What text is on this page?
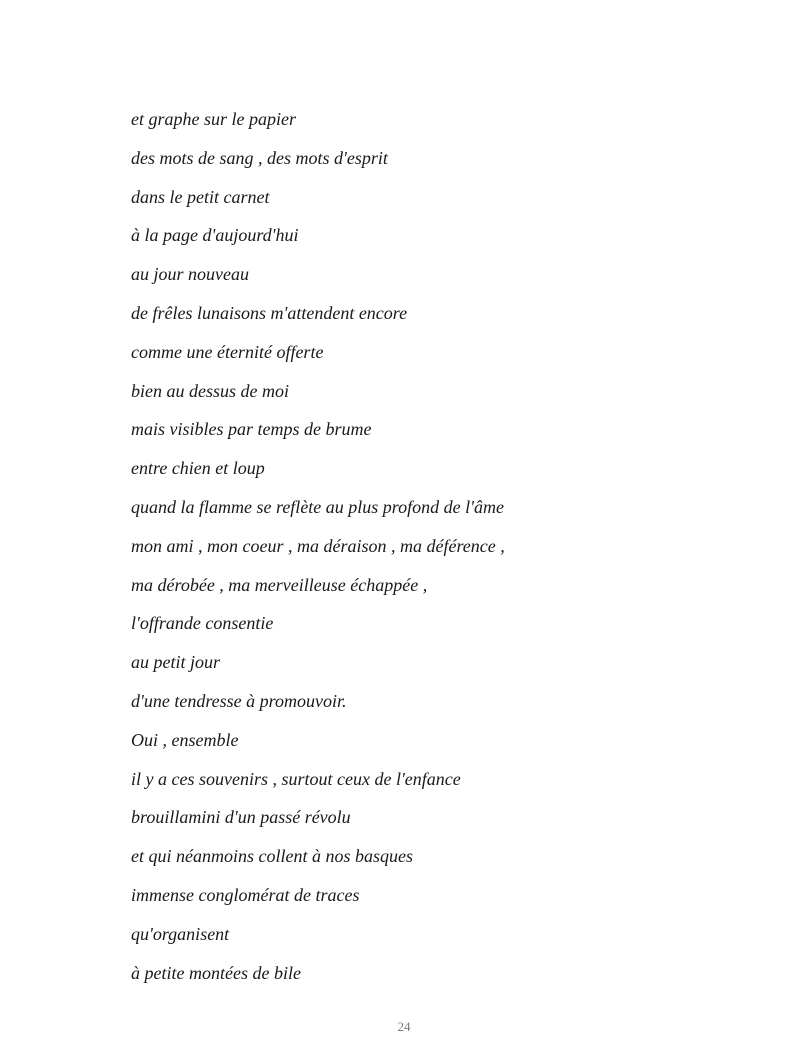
et graphe sur le papier
des mots de sang , des mots d'esprit
dans le petit carnet
à la page d'aujourd'hui
au jour nouveau
de frêles lunaisons m'attendent encore
comme une éternité offerte
bien au dessus de moi
mais visibles par temps de brume
entre chien et loup
quand la flamme se reflète au plus profond de l'âme
mon ami , mon coeur , ma déraison , ma déférence ,
ma dérobée , ma merveilleuse échappée ,
l'offrande consentie
au petit jour
d'une tendresse à promouvoir.
Oui , ensemble
il y a ces souvenirs , surtout ceux de l'enfance
brouillamini d'un passé révolu
et qui néanmoins collent à nos basques
immense conglomérat de traces
qu'organisent
à petite montées de bile
24
